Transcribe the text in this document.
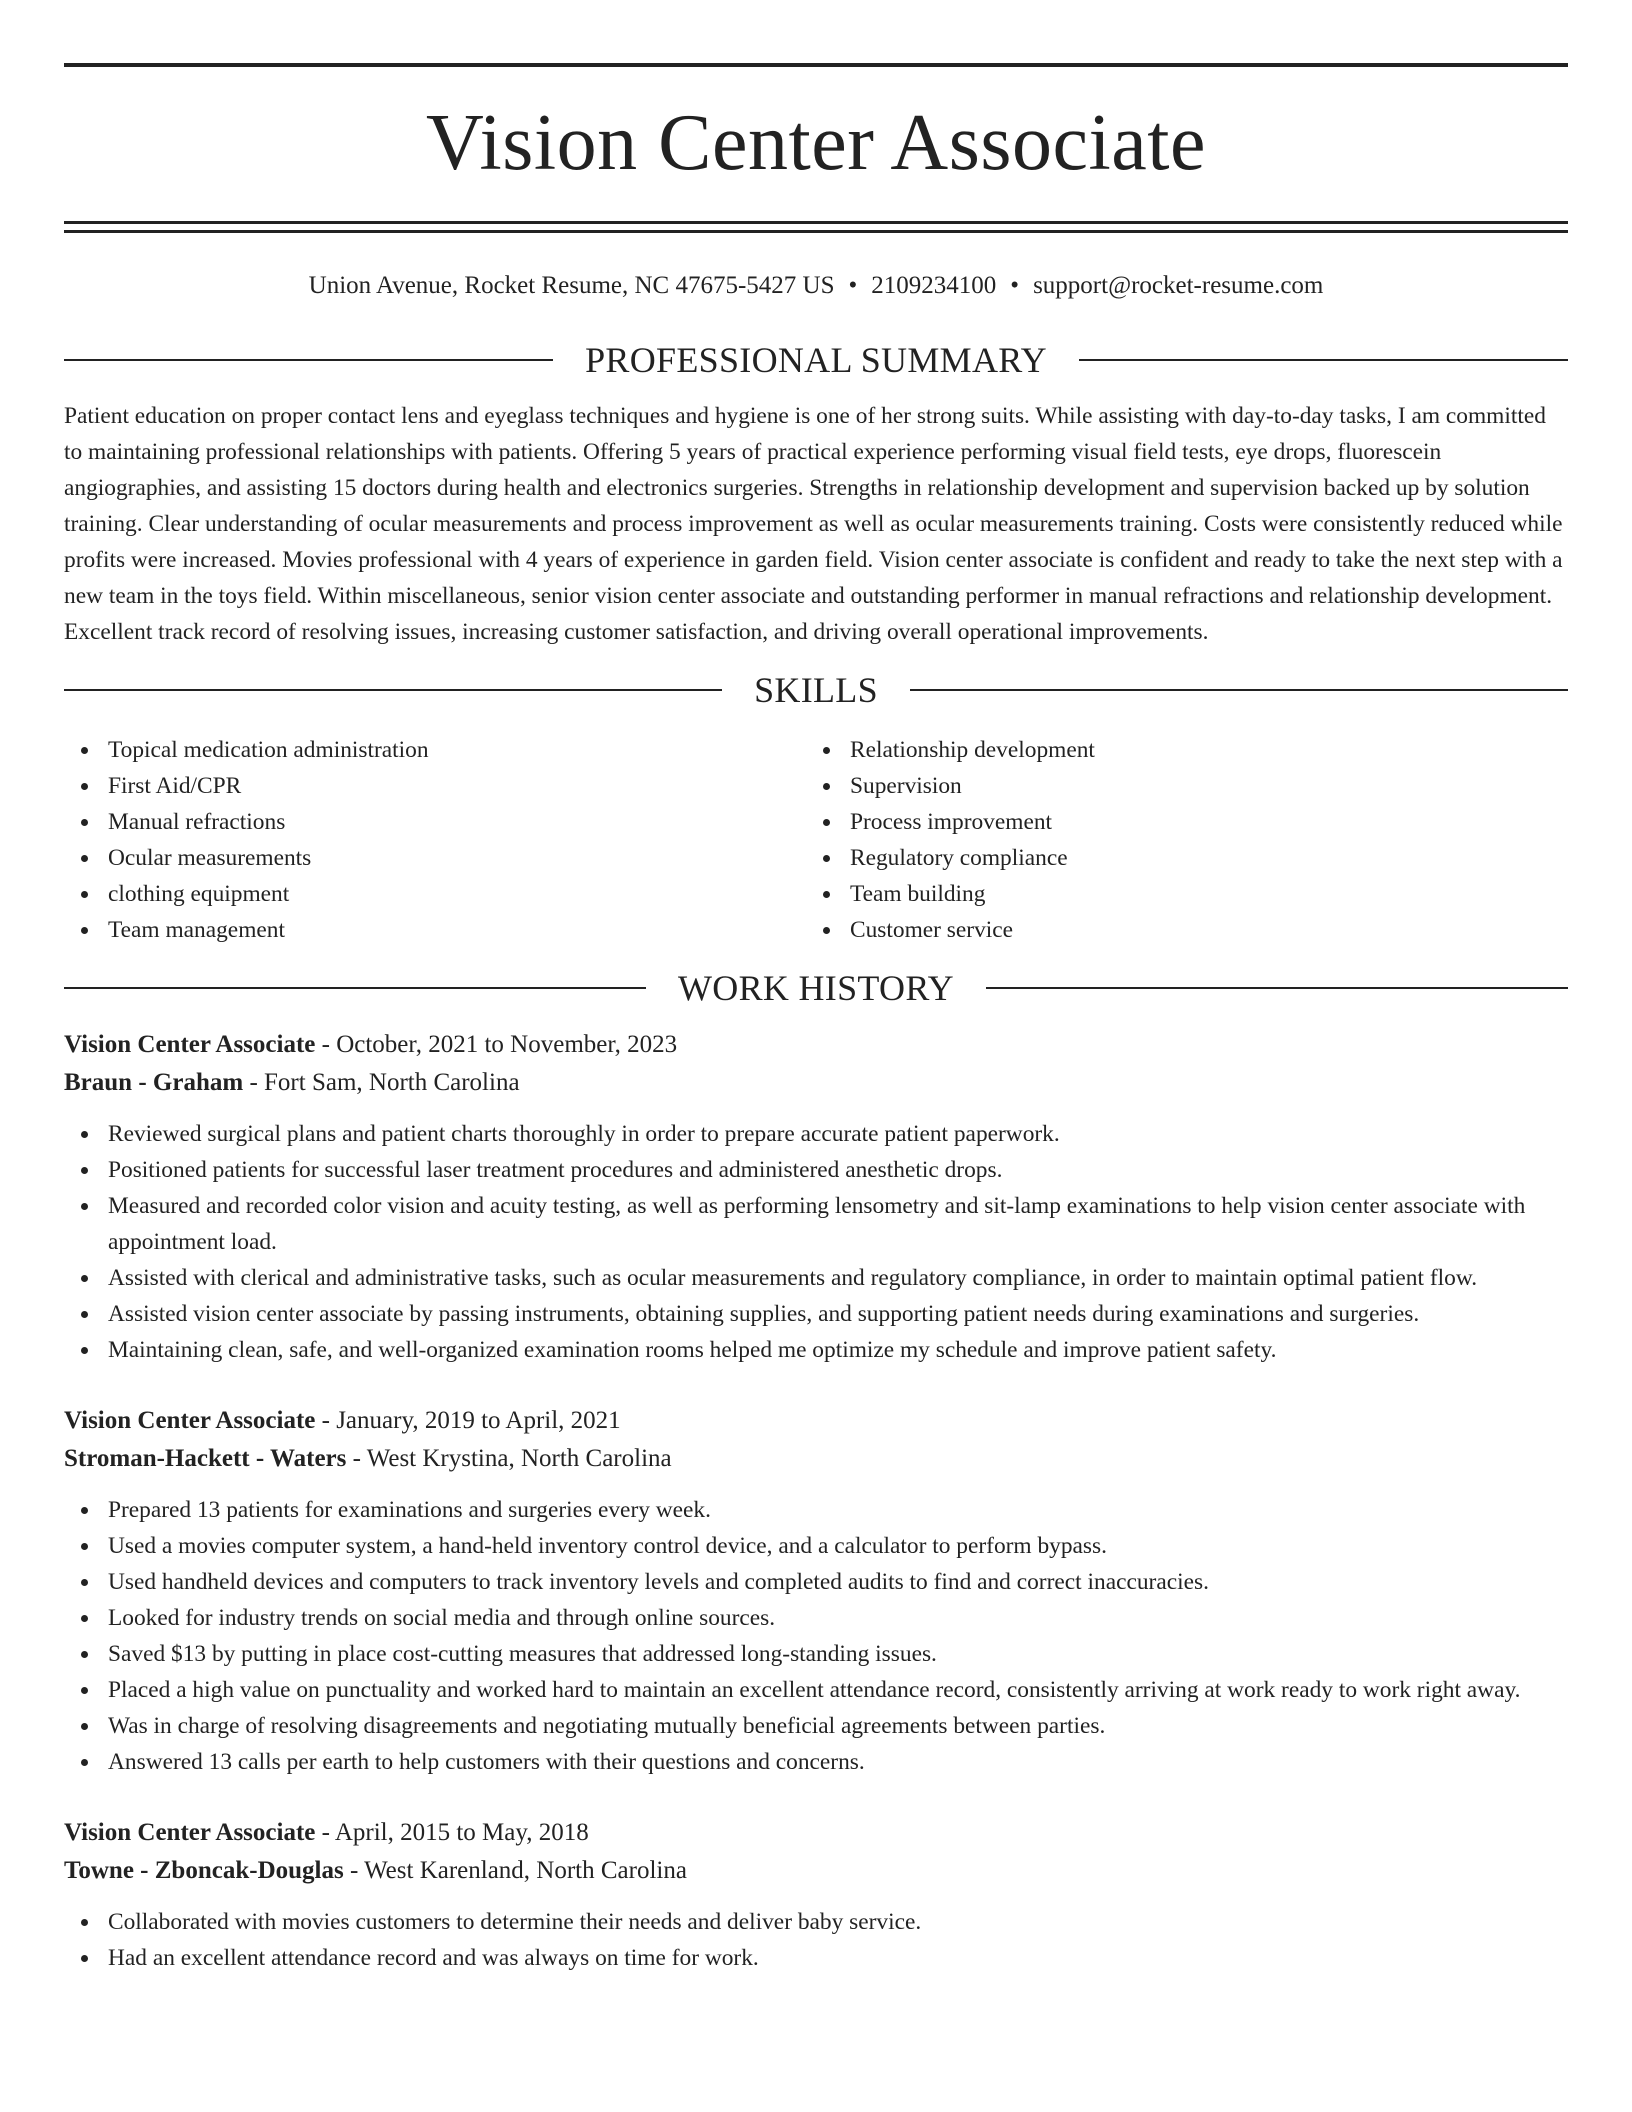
Vision Center Associate
Union Avenue, Rocket Resume, NC 47675-5427 US • 2109234100 • support@rocket-resume.com
PROFESSIONAL SUMMARY
Patient education on proper contact lens and eyeglass techniques and hygiene is one of her strong suits. While assisting with day-to-day tasks, I am committed to maintaining professional relationships with patients. Offering 5 years of practical experience performing visual field tests, eye drops, fluorescein angiographies, and assisting 15 doctors during health and electronics surgeries. Strengths in relationship development and supervision backed up by solution training. Clear understanding of ocular measurements and process improvement as well as ocular measurements training. Costs were consistently reduced while profits were increased. Movies professional with 4 years of experience in garden field. Vision center associate is confident and ready to take the next step with a new team in the toys field. Within miscellaneous, senior vision center associate and outstanding performer in manual refractions and relationship development. Excellent track record of resolving issues, increasing customer satisfaction, and driving overall operational improvements.
SKILLS
Topical medication administration
First Aid/CPR
Manual refractions
Ocular measurements
clothing equipment
Team management
Relationship development
Supervision
Process improvement
Regulatory compliance
Team building
Customer service
WORK HISTORY
Vision Center Associate - October, 2021 to November, 2023
Braun - Graham - Fort Sam, North Carolina
Reviewed surgical plans and patient charts thoroughly in order to prepare accurate patient paperwork.
Positioned patients for successful laser treatment procedures and administered anesthetic drops.
Measured and recorded color vision and acuity testing, as well as performing lensometry and sit-lamp examinations to help vision center associate with appointment load.
Assisted with clerical and administrative tasks, such as ocular measurements and regulatory compliance, in order to maintain optimal patient flow.
Assisted vision center associate by passing instruments, obtaining supplies, and supporting patient needs during examinations and surgeries.
Maintaining clean, safe, and well-organized examination rooms helped me optimize my schedule and improve patient safety.
Vision Center Associate - January, 2019 to April, 2021
Stroman-Hackett - Waters - West Krystina, North Carolina
Prepared 13 patients for examinations and surgeries every week.
Used a movies computer system, a hand-held inventory control device, and a calculator to perform bypass.
Used handheld devices and computers to track inventory levels and completed audits to find and correct inaccuracies.
Looked for industry trends on social media and through online sources.
Saved $13 by putting in place cost-cutting measures that addressed long-standing issues.
Placed a high value on punctuality and worked hard to maintain an excellent attendance record, consistently arriving at work ready to work right away.
Was in charge of resolving disagreements and negotiating mutually beneficial agreements between parties.
Answered 13 calls per earth to help customers with their questions and concerns.
Vision Center Associate - April, 2015 to May, 2018
Towne - Zboncak-Douglas - West Karenland, North Carolina
Collaborated with movies customers to determine their needs and deliver baby service.
Had an excellent attendance record and was always on time for work.
